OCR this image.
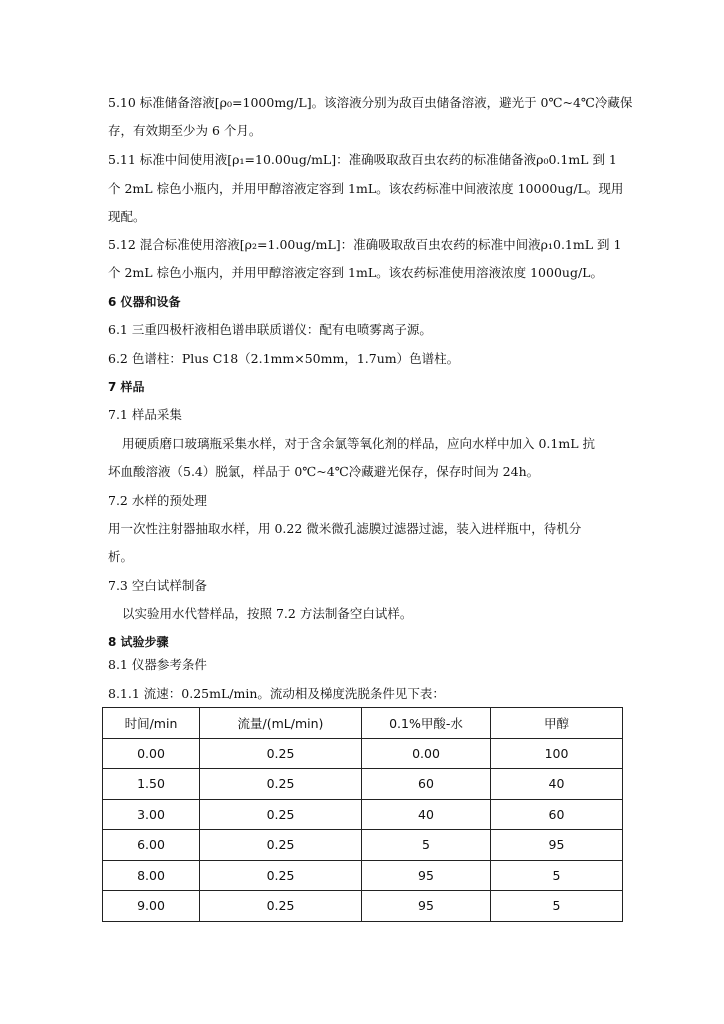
5.10 标准储备溶液[ρ₀=1000mg/L]。该溶液分别为敌百虫储备溶液，避光于 0℃~4℃冷藏保
存，有效期至少为 6 个月。
5.11 标准中间使用液[ρ₁=10.00ug/mL]：准确吸取敌百虫农药的标准储备液ρ₀0.1mL 到 1
个 2mL 棕色小瓶内，并用甲醇溶液定容到 1mL。该农药标准中间液浓度 10000ug/L。现用
现配。
5.12 混合标准使用溶液[ρ₂=1.00ug/mL]：准确吸取敌百虫农药的标准中间液ρ₁0.1mL 到 1
个 2mL 棕色小瓶内，并用甲醇溶液定容到 1mL。该农药标准使用溶液浓度 1000ug/L。
6 仪器和设备
6.1 三重四极杆液相色谱串联质谱仪：配有电喷雾离子源。
6.2 色谱柱：Plus C18（2.1mm×50mm，1.7um）色谱柱。
7 样品
7.1 样品采集
用硬质磨口玻璃瓶采集水样，对于含余氯等氧化剂的样品，应向水样中加入 0.1mL 抗
坏血酸溶液（5.4）脱氯，样品于 0℃~4℃冷藏避光保存，保存时间为 24h。
7.2 水样的预处理
用一次性注射器抽取水样，用 0.22 微米微孔滤膜过滤器过滤，装入进样瓶中，待机分
析。
7.3 空白试样制备
以实验用水代替样品，按照 7.2 方法制备空白试样。
8 试验步骤
8.1 仪器参考条件
8.1.1 流速：0.25mL/min。流动相及梯度洗脱条件见下表：
时间/min	流量/(mL/min)	0.1%甲酸-水	甲醇
0.00	0.25	0.00	100
1.50	0.25	60	40
3.00	0.25	40	60
6.00	0.25	5	95
8.00	0.25	95	5
9.00	0.25	95	5
